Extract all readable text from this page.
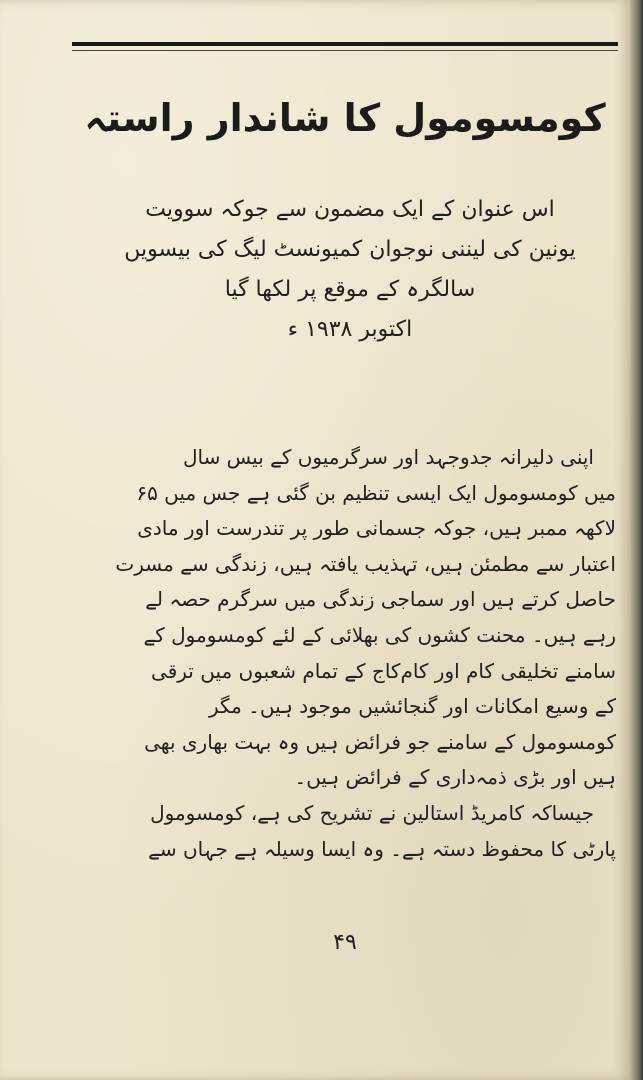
کومسومول کا شاندار راستہ
اس عنوان کے ایک مضمون سے جوکہ سوویت
یونین کی لیننی نوجوان کمیونسٹ لیگ کی بیسویں
سالگرہ کے موقع پر لکھا گیا
اکتوبر ۱۹۳۸ ء
اپنی دلیرانہ جدوجہد اور سرگرمیوں کے بیس سال
میں کومسومول ایک ایسی تنظیم بن گئی ہے جس میں ۶۵
لاکھہ ممبر ہیں، جوکہ جسمانی طور پر تندرست اور مادی
اعتبار سے مطمئن ہیں، تہذیب یافتہ ہیں، زندگی سے مسرت
حاصل کرتے ہیں اور سماجی زندگی میں سرگرم حصہ لے
رہے ہیں۔ محنت کشوں کی بھلائی کے لئے کومسومول کے
سامنے تخلیقی کام اور کام‌کاج کے تمام شعبوں میں ترقی
کے وسیع امکانات اور گنجائشیں موجود ہیں۔ مگر
کومسومول کے سامنے جو فرائض ہیں وہ بہت بھاری بھی
ہیں اور بڑی ذمہ‌داری کے فرائض ہیں۔
جیساکہ کامریڈ استالین نے تشریح کی ہے، کومسومول
پارٹی کا محفوظ دستہ ہے۔ وہ ایسا وسیلہ ہے جہاں سے
۴۹
